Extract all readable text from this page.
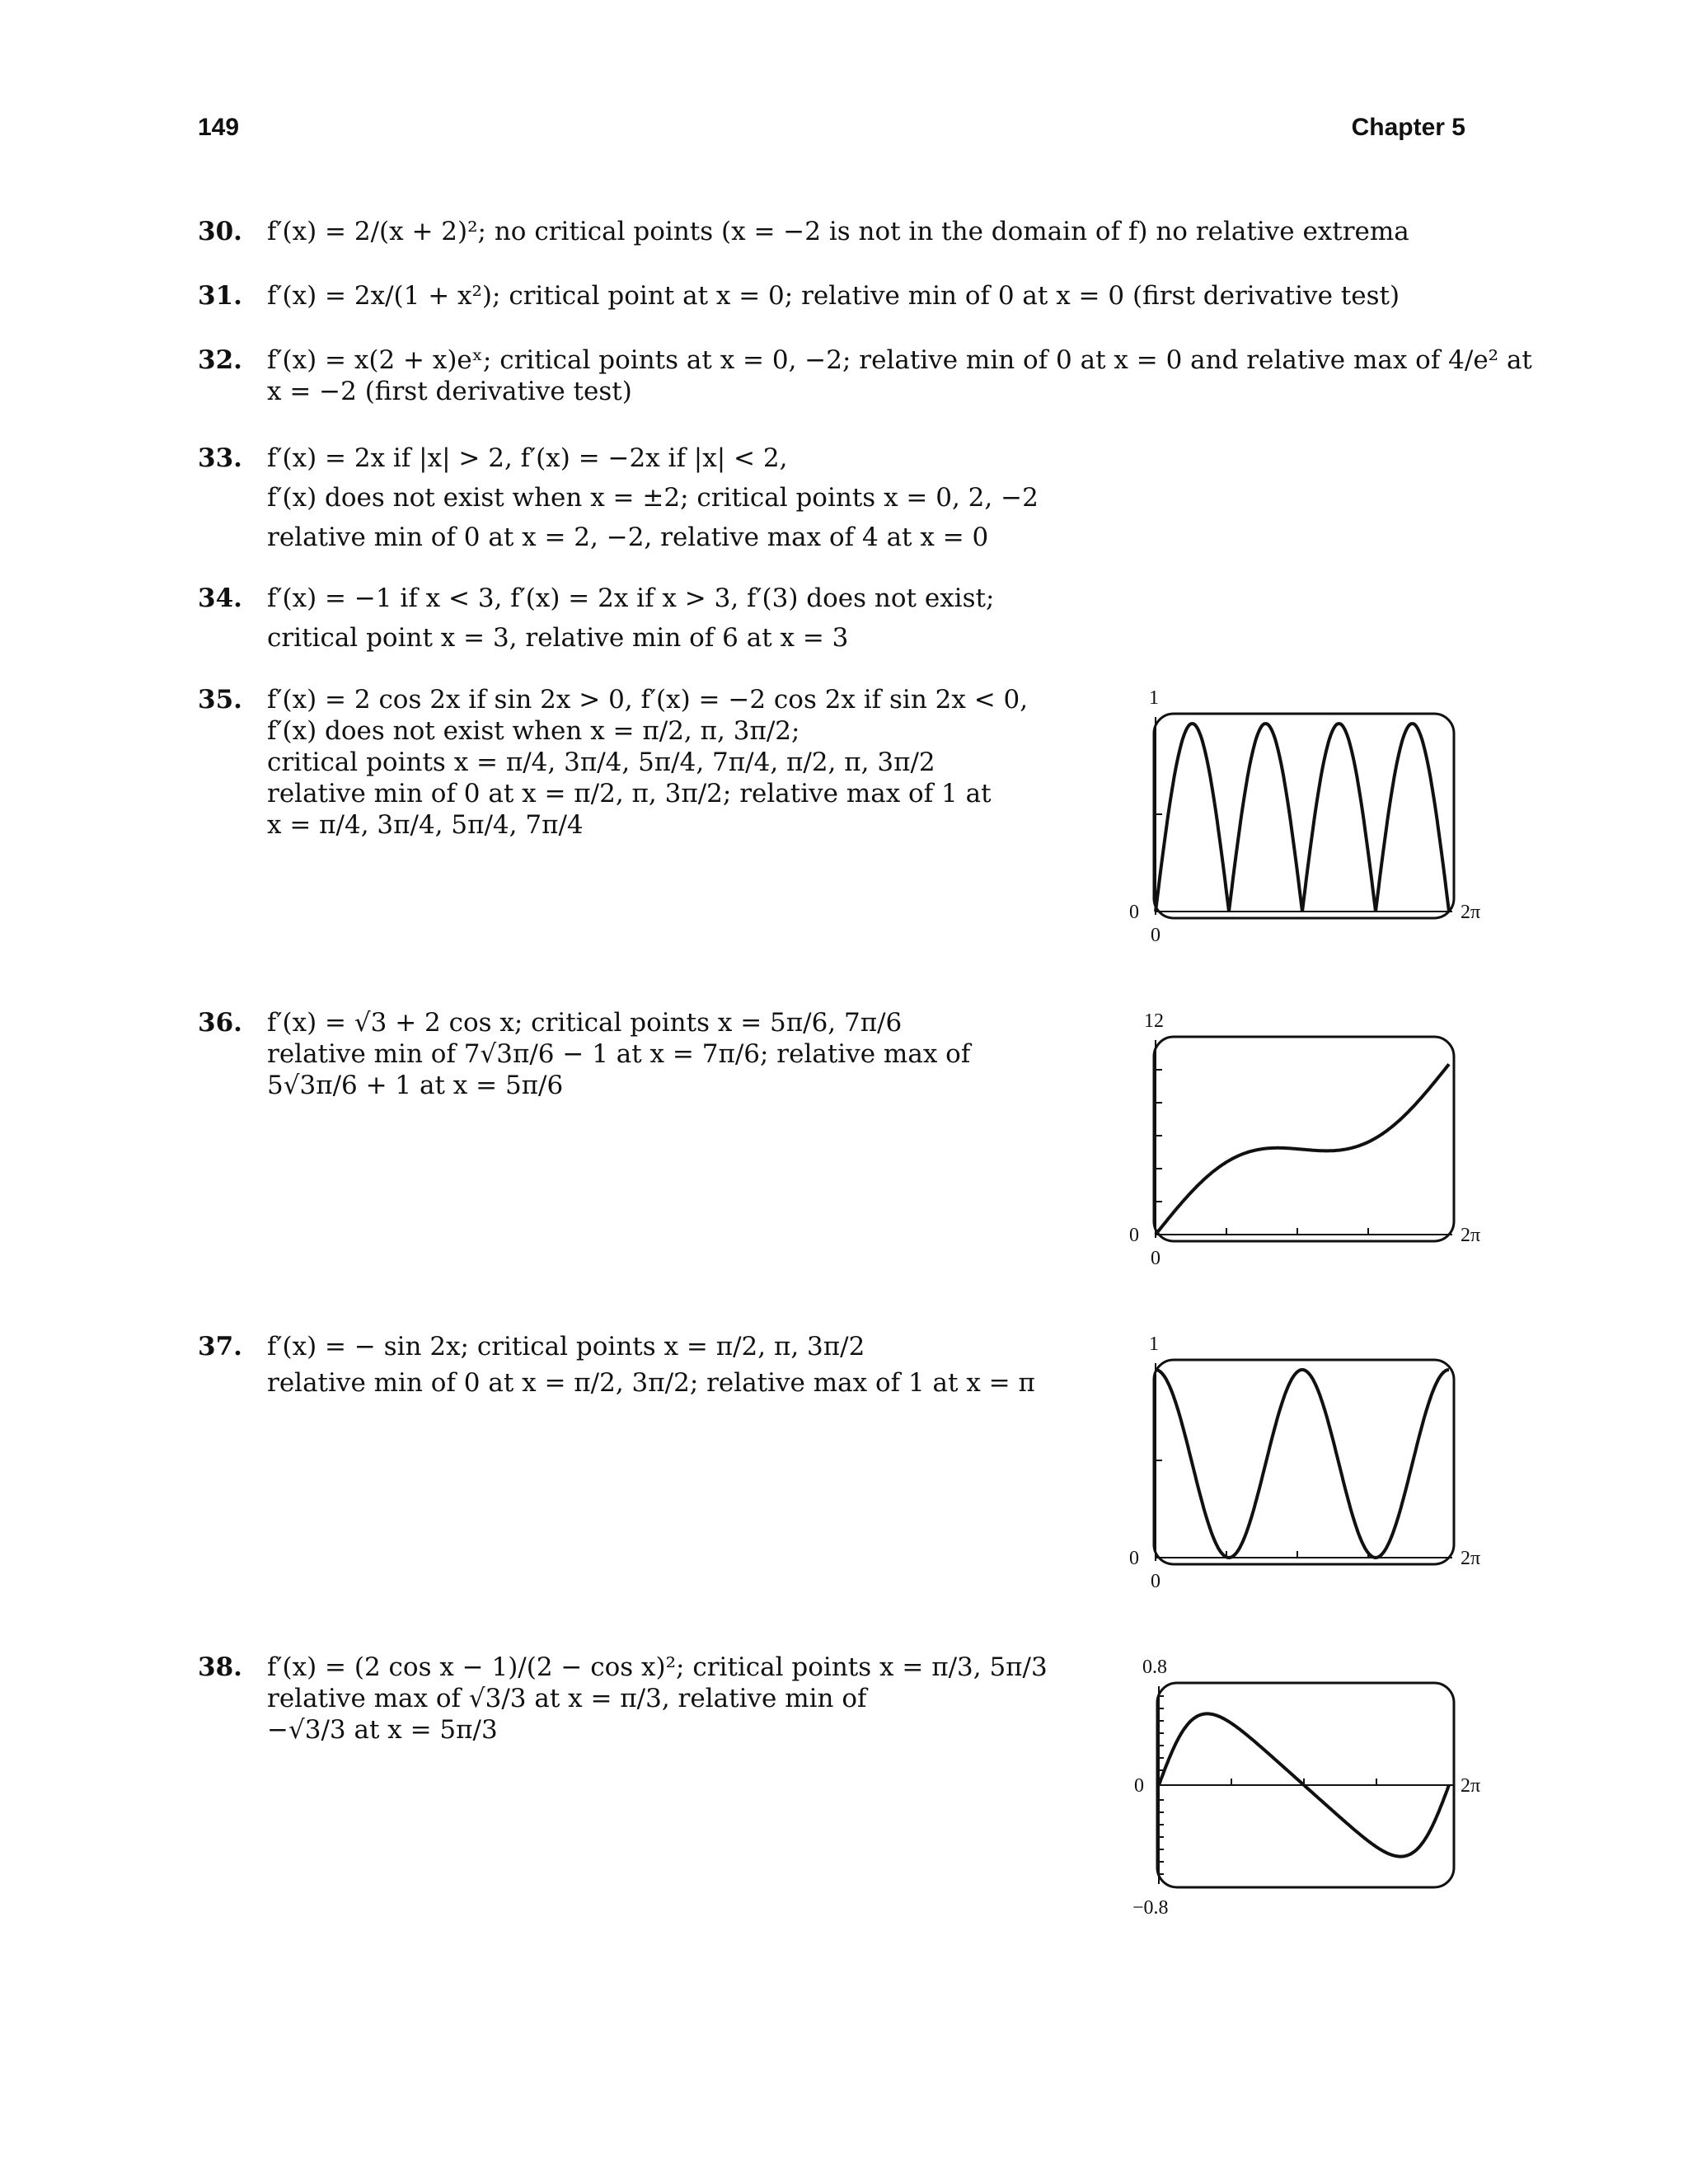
149	Chapter 5
30. f′(x) = 2/(x + 2)²; no critical points (x = −2 is not in the domain of f) no relative extrema
31. f′(x) = 2x/(1 + x²); critical point at x = 0; relative min of 0 at x = 0 (first derivative test)
32. f′(x) = x(2 + x)eˣ; critical points at x = 0, −2; relative min of 0 at x = 0 and relative max of 4/e² at
x = −2 (first derivative test)
33. f′(x) = 2x if |x| > 2, f′(x) = −2x if |x| < 2,
f′(x) does not exist when x = ±2; critical points x = 0, 2, −2
relative min of 0 at x = 2, −2, relative max of 4 at x = 0
34. f′(x) = −1 if x < 3, f′(x) = 2x if x > 3, f′(3) does not exist;
critical point x = 3, relative min of 6 at x = 3
35. f′(x) = 2 cos 2x if sin 2x > 0, f′(x) = −2 cos 2x if sin 2x < 0,
f′(x) does not exist when x = π/2, π, 3π/2;
critical points x = π/4, 3π/4, 5π/4, 7π/4, π/2, π, 3π/2
relative min of 0 at x = π/2, π, 3π/2; relative max of 1 at
x = π/4, 3π/4, 5π/4, 7π/4
36. f′(x) = √3 + 2 cos x; critical points x = 5π/6, 7π/6
relative min of 7√3π/6 − 1 at x = 7π/6; relative max of
5√3π/6 + 1 at x = 5π/6
37. f′(x) = − sin 2x; critical points x = π/2, π, 3π/2
relative min of 0 at x = π/2, 3π/2; relative max of 1 at x = π
38. f′(x) = (2 cos x − 1)/(2 − cos x)²; critical points x = π/3, 5π/3
relative max of √3/3 at x = π/3, relative min of
−√3/3 at x = 5π/3
1
0
0
2π
12
0
0
2π
1
0
0
2π
0.8
0
−0.8
2π
